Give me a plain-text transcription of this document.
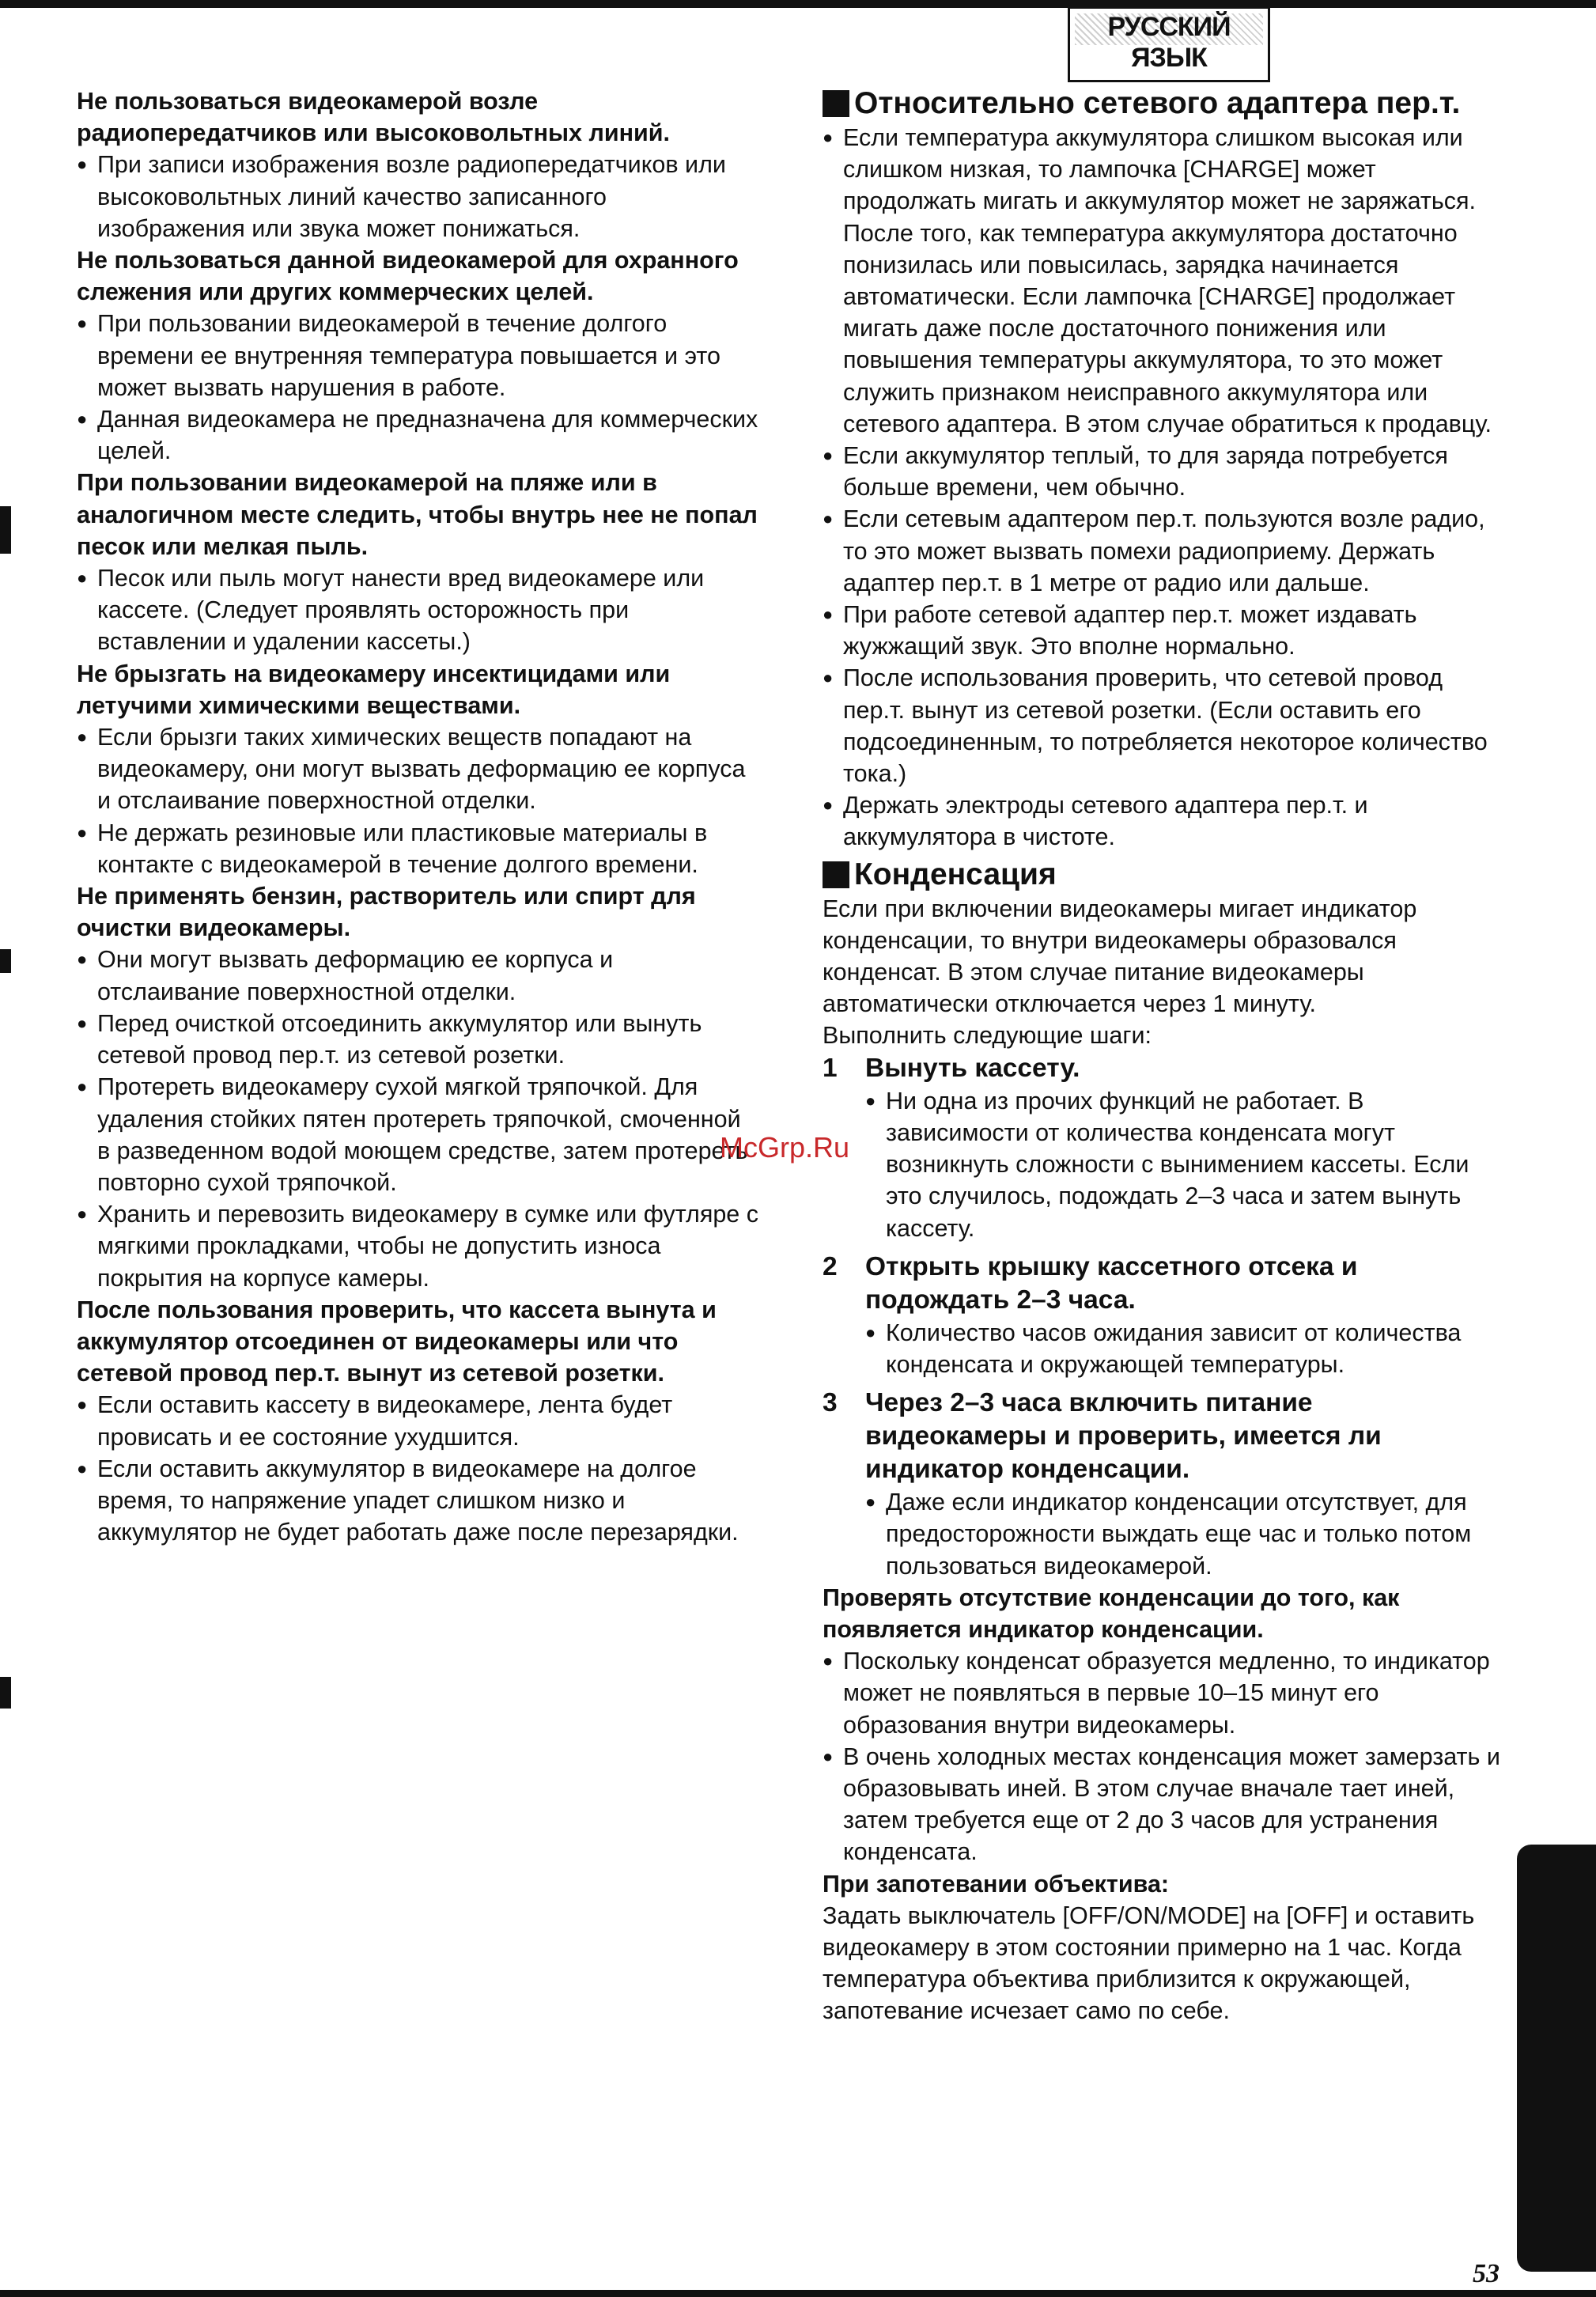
РУССКИЙ ЯЗЫК

Не пользоваться видеокамерой возле радиопередатчиков или высоковольтных линий.

● При записи изображения возле радиопередатчиков или высоковольтных линий качество записанного изображения или звука может понижаться.

Не пользоваться данной видеокамерой для охранного слежения или других коммерческих целей.

● При пользовании видеокамерой в течение долгого времени ее внутренняя температура повышается и это может вызвать нарушения в работе.

● Данная видеокамера не предназначена для коммерческих целей.

При пользовании видеокамерой на пляже или в аналогичном месте следить, чтобы внутрь нее не попал песок или мелкая пыль.

● Песок или пыль могут нанести вред видеокамере или кассете. (Следует проявлять осторожность при вставлении и удалении кассеты.)

Не брызгать на видеокамеру инсектицидами или летучими химическими веществами.

● Если брызги таких химических веществ попадают на видеокамеру, они могут вызвать деформацию ее корпуса и отслаивание поверхностной отделки.

● Не держать резиновые или пластиковые материалы в контакте с видеокамерой в течение долгого времени.

Не применять бензин, растворитель или спирт для очистки видеокамеры.

● Они могут вызвать деформацию ее корпуса и отслаивание поверхностной отделки.

● Перед очисткой отсоединить аккумулятор или вынуть сетевой провод пер.т. из сетевой розетки.

● Протереть видеокамеру сухой мягкой тряпочкой. Для удаления стойких пятен протереть тряпочкой, смоченной в разведенном водой моющем средстве, затем протереть повторно сухой тряпочкой.

● Хранить и перевозить видеокамеру в сумке или футляре с мягкими прокладками, чтобы не допустить износа покрытия на корпусе камеры.

После пользования проверить, что кассета вынута и аккумулятор отсоединен от видеокамеры или что сетевой провод пер.т. вынут из сетевой розетки.

● Если оставить кассету в видеокамере, лента будет провисать и ее состояние ухудшится.

● Если оставить аккумулятор в видеокамере на долгое время, то напряжение упадет слишком низко и аккумулятор не будет работать даже после перезарядки.

Относительно сетевого адаптера пер.т.

● Если температура аккумулятора слишком высокая или слишком низкая, то лампочка [CHARGE] может продолжать мигать и аккумулятор может не заряжаться. После того, как температура аккумулятора достаточно понизилась или повысилась, зарядка начинается автоматически. Если лампочка [CHARGE] продолжает мигать даже после достаточного понижения или повышения температуры аккумулятора, то это может служить признаком неисправного аккумулятора или сетевого адаптера. В этом случае обратиться к продавцу.

● Если аккумулятор теплый, то для заряда потребуется больше времени, чем обычно.

● Если сетевым адаптером пер.т. пользуются возле радио, то это может вызвать помехи радиоприему. Держать адаптер пер.т. в 1 метре от радио или дальше.

● При работе сетевой адаптер пер.т. может издавать жужжащий звук. Это вполне нормально.

● После использования проверить, что сетевой провод пер.т. вынут из сетевой розетки. (Если оставить его подсоединенным, то потребляется некоторое количество тока.)

● Держать электроды сетевого адаптера пер.т. и аккумулятора в чистоте.

Конденсация

Если при включении видеокамеры мигает индикатор конденсации, то внутри видеокамеры образовался конденсат. В этом случае питание видеокамеры автоматически отключается через 1 минуту.

Выполнить следующие шаги:

1	Вынуть кассету.

● Ни одна из прочих функций не работает. В зависимости от количества конденсата могут возникнуть сложности с вынимением кассеты. Если это случилось, подождать 2–3 часа и затем вынуть кассету.

2	Открыть крышку кассетного отсека и подождать 2–3 часа.

● Количество часов ожидания зависит от количества конденсата и окружающей температуры.

3	Через 2–3 часа включить питание видеокамеры и проверить, имеется ли индикатор конденсации.

● Даже если индикатор конденсации отсутствует, для предосторожности выждать еще час и только потом пользоваться видеокамерой.

Проверять отсутствие конденсации до того, как появляется индикатор конденсации.

● Поскольку конденсат образуется медленно, то индикатор может не появляться в первые 10–15 минут его образования внутри видеокамеры.

● В очень холодных местах конденсация может замерзать и образовывать иней. В этом случае вначале тает иней, затем требуется еще от 2 до 3 часов для устранения конденсата.

При запотевании объектива:

Задать выключатель [OFF/ON/MODE] на [OFF] и оставить видеокамеру в этом состоянии примерно на 1 час. Когда температура объектива приблизится к окружающей, запотевание исчезает само по себе.

McGrp.Ru
53
